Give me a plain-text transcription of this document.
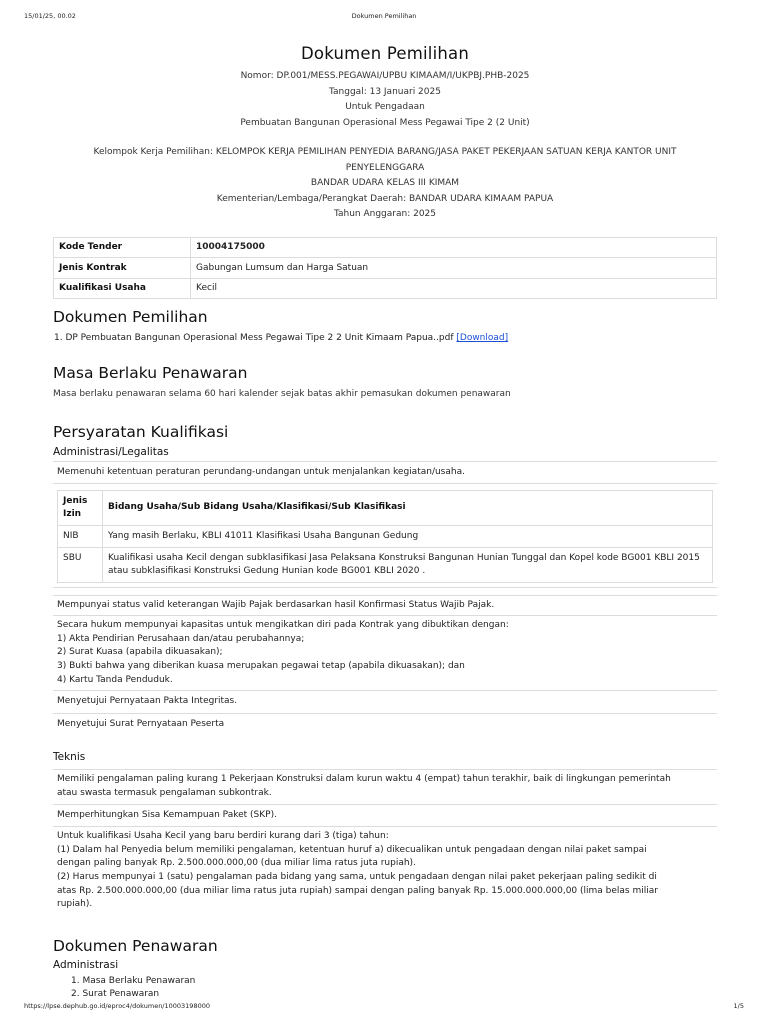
15/01/25, 00.02	Dokumen Pemilihan
Dokumen Pemilihan
Nomor: DP.001/MESS.PEGAWAI/UPBU KIMAAM/I/UKPBJ.PHB-2025
Tanggal: 13 Januari 2025
Untuk Pengadaan
Pembuatan Bangunan Operasional Mess Pegawai Tipe 2 (2 Unit)
Kelompok Kerja Pemilihan: KELOMPOK KERJA PEMILIHAN PENYEDIA BARANG/JASA PAKET PEKERJAAN SATUAN KERJA KANTOR UNIT PENYELENGGARA
BANDAR UDARA KELAS III KIMAM
Kementerian/Lembaga/Perangkat Daerah: BANDAR UDARA KIMAAM PAPUA
Tahun Anggaran: 2025
Kode Tender	10004175000
Jenis Kontrak	Gabungan Lumsum dan Harga Satuan
Kualifikasi Usaha	Kecil
Dokumen Pemilihan
1. DP Pembuatan Bangunan Operasional Mess Pegawai Tipe 2 2 Unit Kimaam Papua..pdf [Download]
Masa Berlaku Penawaran
Masa berlaku penawaran selama 60 hari kalender sejak batas akhir pemasukan dokumen penawaran
Persyaratan Kualifikasi
Administrasi/Legalitas
Memenuhi ketentuan peraturan perundang-undangan untuk menjalankan kegiatan/usaha.
Jenis Izin	Bidang Usaha/Sub Bidang Usaha/Klasifikasi/Sub Klasifikasi
NIB	Yang masih Berlaku, KBLI 41011 Klasifikasi Usaha Bangunan Gedung
SBU	Kualifikasi usaha Kecil dengan subklasifikasi Jasa Pelaksana Konstruksi Bangunan Hunian Tunggal dan Kopel kode BG001 KBLI 2015 atau subklasifikasi Konstruksi Gedung Hunian kode BG001 KBLI 2020 .
Mempunyai status valid keterangan Wajib Pajak berdasarkan hasil Konfirmasi Status Wajib Pajak.
Secara hukum mempunyai kapasitas untuk mengikatkan diri pada Kontrak yang dibuktikan dengan:
1) Akta Pendirian Perusahaan dan/atau perubahannya;
2) Surat Kuasa (apabila dikuasakan);
3) Bukti bahwa yang diberikan kuasa merupakan pegawai tetap (apabila dikuasakan); dan
4) Kartu Tanda Penduduk.
Menyetujui Pernyataan Pakta Integritas.
Menyetujui Surat Pernyataan Peserta
Teknis
Memiliki pengalaman paling kurang 1 Pekerjaan Konstruksi dalam kurun waktu 4 (empat) tahun terakhir, baik di lingkungan pemerintah
atau swasta termasuk pengalaman subkontrak.
Memperhitungkan Sisa Kemampuan Paket (SKP).
Untuk kualifikasi Usaha Kecil yang baru berdiri kurang dari 3 (tiga) tahun:
(1) Dalam hal Penyedia belum memiliki pengalaman, ketentuan huruf a) dikecualikan untuk pengadaan dengan nilai paket sampai
dengan paling banyak Rp. 2.500.000.000,00 (dua miliar lima ratus juta rupiah).
(2) Harus mempunyai 1 (satu) pengalaman pada bidang yang sama, untuk pengadaan dengan nilai paket pekerjaan paling sedikit di
atas Rp. 2.500.000.000,00 (dua miliar lima ratus juta rupiah) sampai dengan paling banyak Rp. 15.000.000.000,00 (lima belas miliar
rupiah).
Dokumen Penawaran
Administrasi
1. Masa Berlaku Penawaran
2. Surat Penawaran
https://lpse.dephub.go.id/eproc4/dokumen/10003198000	1/5
